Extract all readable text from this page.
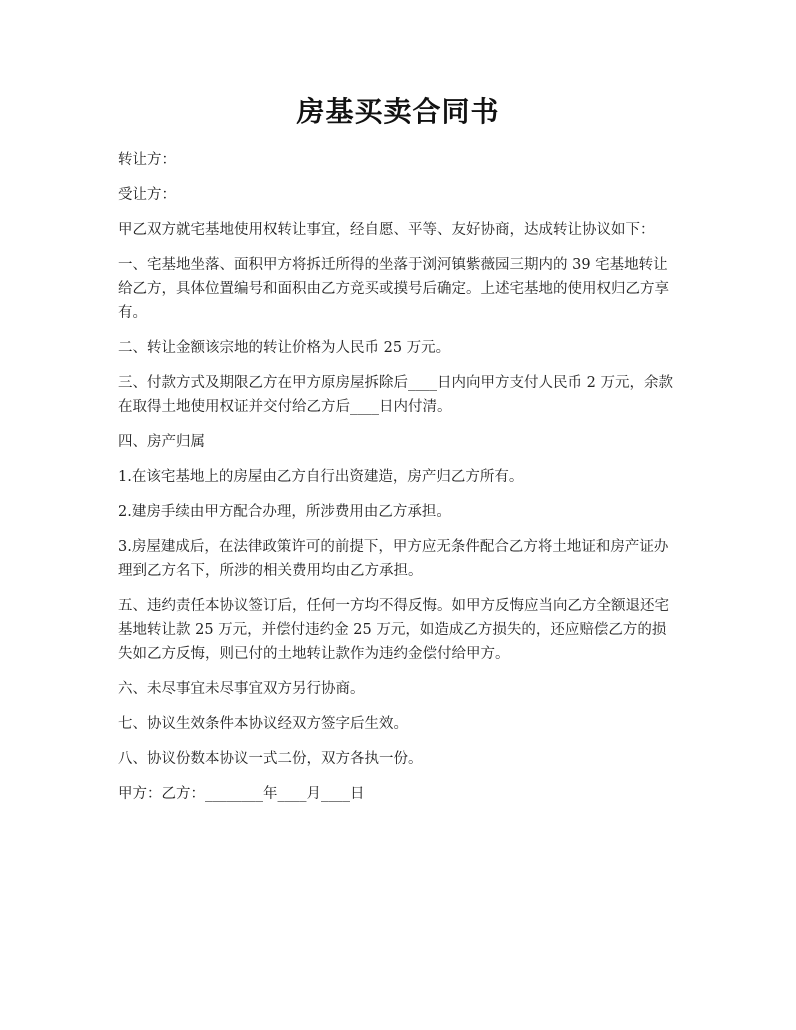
房基买卖合同书

转让方：

受让方：

甲乙双方就宅基地使用权转让事宜，经自愿、平等、友好协商，达成转让协议如下：

一、宅基地坐落、面积甲方将拆迁所得的坐落于浏河镇紫薇园三期内的 39 宅基地转让给乙方，具体位置编号和面积由乙方竞买或摸号后确定。上述宅基地的使用权归乙方享有。

二、转让金额该宗地的转让价格为人民币 25 万元。

三、付款方式及期限乙方在甲方原房屋拆除后____日内向甲方支付人民币 2 万元，余款在取得土地使用权证并交付给乙方后____日内付清。

四、房产归属

1.在该宅基地上的房屋由乙方自行出资建造，房产归乙方所有。

2.建房手续由甲方配合办理，所涉费用由乙方承担。

3.房屋建成后，在法律政策许可的前提下，甲方应无条件配合乙方将土地证和房产证办理到乙方名下，所涉的相关费用均由乙方承担。

五、违约责任本协议签订后，任何一方均不得反悔。如甲方反悔应当向乙方全额退还宅基地转让款 25 万元，并偿付违约金 25 万元，如造成乙方损失的，还应赔偿乙方的损失如乙方反悔，则已付的土地转让款作为违约金偿付给甲方。

六、未尽事宜未尽事宜双方另行协商。

七、协议生效条件本协议经双方签字后生效。

八、协议份数本协议一式二份，双方各执一份。

甲方：乙方：________年____月____日
